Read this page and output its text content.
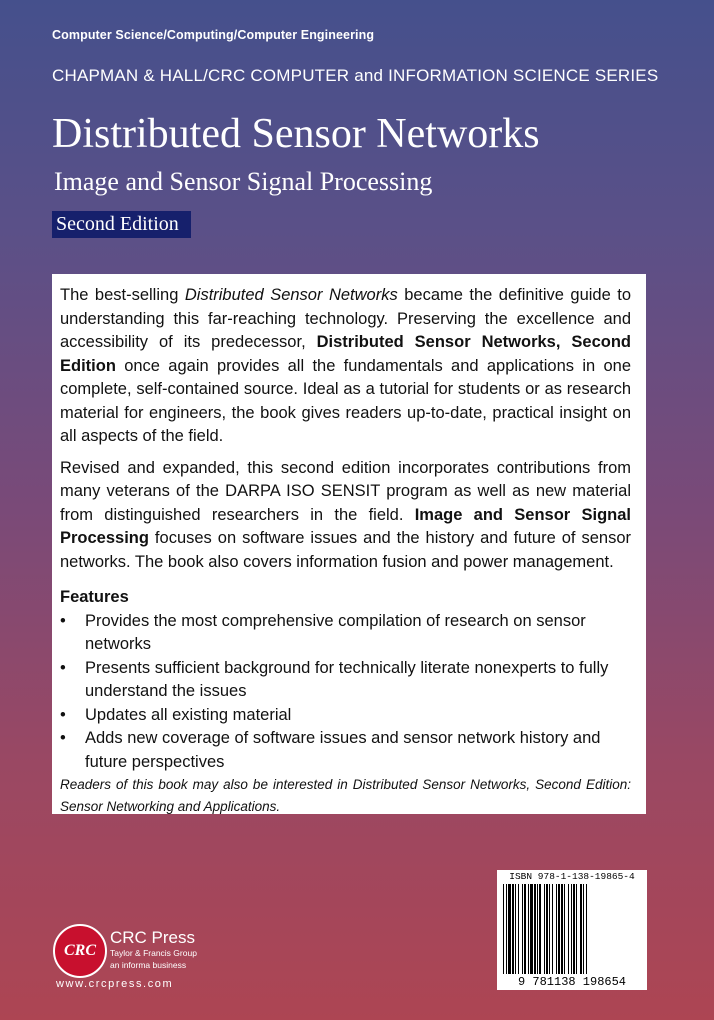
Computer Science/Computing/Computer Engineering
CHAPMAN & HALL/CRC COMPUTER and INFORMATION SCIENCE SERIES
Distributed Sensor Networks
Image and Sensor Signal Processing
Second Edition

The best-selling Distributed Sensor Networks became the definitive guide to understanding this far-reaching technology. Preserving the excellence and accessibility of its predecessor, Distributed Sensor Networks, Second Edition once again provides all the fundamentals and applications in one complete, self-contained source. Ideal as a tutorial for students or as research material for engineers, the book gives readers up-to-date, practical insight on all aspects of the field.

Revised and expanded, this second edition incorporates contributions from many veterans of the DARPA ISO SENSIT program as well as new material from distinguished researchers in the field. Image and Sensor Signal Processing focuses on software issues and the history and future of sensor networks. The book also covers information fusion and power management.

Features
• Provides the most comprehensive compilation of research on sensor networks
• Presents sufficient background for technically literate nonexperts to fully understand the issues
• Updates all existing material
• Adds new coverage of software issues and sensor network history and future perspectives

Readers of this book may also be interested in Distributed Sensor Networks, Second Edition: Sensor Networking and Applications.

CRC
CRC Press
Taylor & Francis Group
an informa business
www.crcpress.com
ISBN 978-1-138-19865-4
9 781138 198654
